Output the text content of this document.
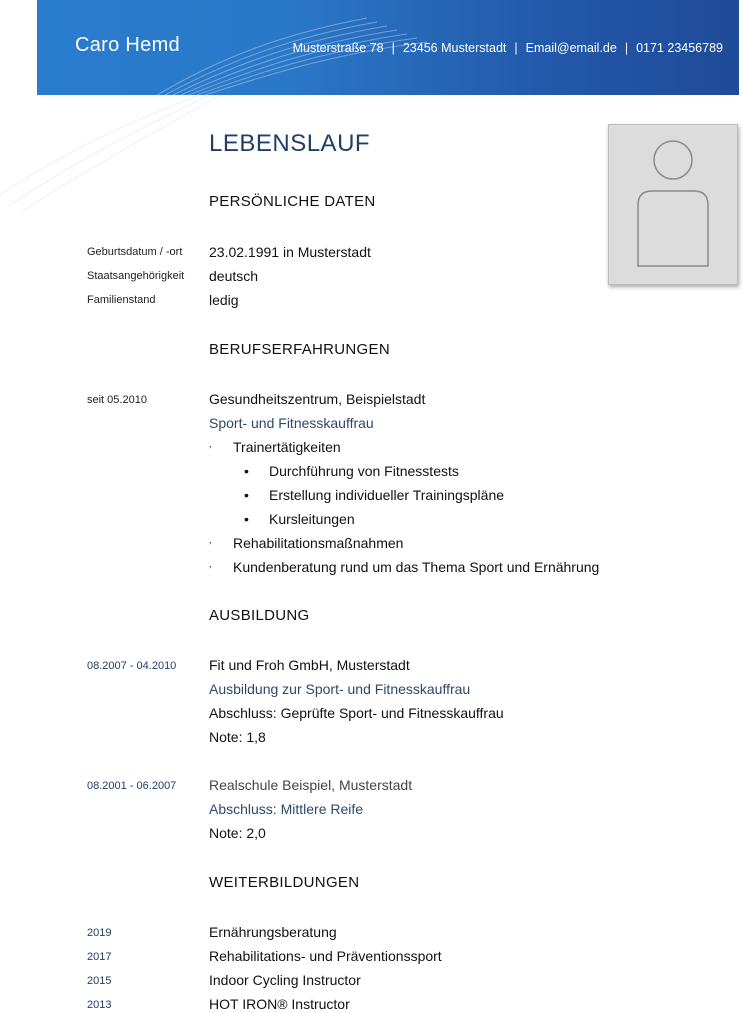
Caro Hemd	Musterstraße 78 | 23456 Musterstadt | Email@email.de | 0171 23456789
LEBENSLAUF
PERSÖNLICHE DATEN
Geburtsdatum / -ort 23.02.1991 in Musterstadt
Staatsangehörigkeit deutsch
Familienstand	ledig
BERUFSERFAHRUNGEN
seit 05.2010	Gesundheitszentrum, Beispielstadt
Sport- und Fitnesskauffrau
‚ Trainertätigkeiten
• Durchführung von Fitnesstests
• Erstellung individueller Trainingspläne
• Kursleitungen
‚ Rehabilitationsmaßnahmen
‚ Kundenberatung rund um das Thema Sport und Ernährung
AUSBILDUNG
08.2007 - 04.2010 Fit und Froh GmbH, Musterstadt
Ausbildung zur Sport- und Fitnesskauffrau
Abschluss: Geprüfte Sport- und Fitnesskauffrau
Note: 1,8
08.2001 - 06.2007 Realschule Beispiel, Musterstadt
Abschluss: Mittlere Reife
Note: 2,0
WEITERBILDUNGEN
2019	Ernährungsberatung
2017	Rehabilitations- und Präventionssport
2015	Indoor Cycling Instructor
2013	HOT IRON® Instructor
